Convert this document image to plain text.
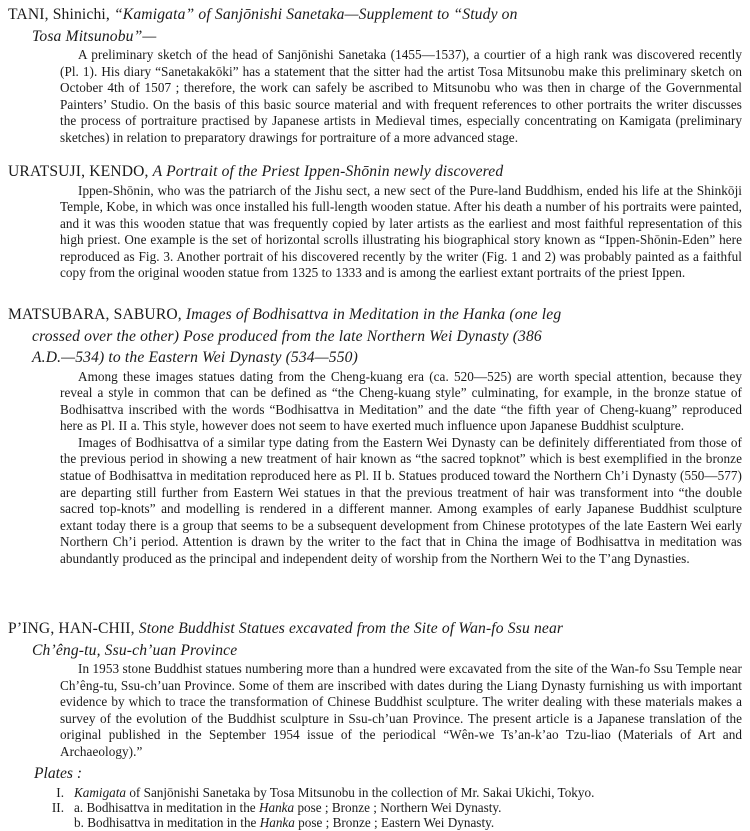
TANI, Shinichi, “Kamigata” of Sanjōnishi Sanetaka—Supplement to “Study on
Tosa Mitsunobu”—

A preliminary sketch of the head of Sanjōnishi Sanetaka (1455—1537), a courtier of a high rank was discovered recently (Pl. 1). His diary “Sanetakakōki” has a statement that the sitter had the artist Tosa Mitsunobu make this preliminary sketch on October 4th of 1507 ; therefore, the work can safely be ascribed to Mitsunobu who was then in charge of the Governmental Painters’ Studio. On the basis of this basic source material and with frequent references to other portraits the writer discusses the process of portraiture practised by Japanese artists in Medieval times, especially concentrating on Kamigata (preliminary sketches) in relation to preparatory drawings for portraiture of a more advanced stage.

URATSUJI, KENDO, A Portrait of the Priest Ippen-Shōnin newly discovered

Ippen-Shōnin, who was the patriarch of the Jishu sect, a new sect of the Pure-land Buddhism, ended his life at the Shinkōji Temple, Kobe, in which was once installed his full-length wooden statue. After his death a number of his portraits were painted, and it was this wooden statue that was frequently copied by later artists as the earliest and most faithful representation of this high priest. One example is the set of horizontal scrolls illustrating his biographical story known as “Ippen-Shōnin-Eden” here reproduced as Fig. 3. Another portrait of his discovered recently by the writer (Fig. 1 and 2) was probably painted as a faithful copy from the original wooden statue from 1325 to 1333 and is among the earliest extant portraits of the priest Ippen.

MATSUBARA, SABURO, Images of Bodhisattva in Meditation in the Hanka (one leg
crossed over the other) Pose produced from the late Northern Wei Dynasty (386
A.D.—534) to the Eastern Wei Dynasty (534—550)

Among these images statues dating from the Cheng-kuang era (ca. 520—525) are worth special attention, because they reveal a style in common that can be defined as “the Cheng-kuang style” culminating, for example, in the bronze statue of Bodhisattva inscribed with the words “Bodhisattva in Meditation” and the date “the fifth year of Cheng-kuang” reproduced here as Pl. II a. This style, however does not seem to have exerted much influence upon Japanese Buddhist sculpture.

Images of Bodhisattva of a similar type dating from the Eastern Wei Dynasty can be definitely differentiated from those of the previous period in showing a new treatment of hair known as “the sacred topknot” which is best exemplified in the bronze statue of Bodhisattva in meditation reproduced here as Pl. II b. Statues produced toward the Northern Ch’i Dynasty (550—577) are departing still further from Eastern Wei statues in that the previous treatment of hair was transforment into “the double sacred top-knots” and modelling is rendered in a different manner. Among examples of early Japanese Buddhist sculpture extant today there is a group that seems to be a subsequent development from Chinese prototypes of the late Eastern Wei early Northern Ch’i period. Attention is drawn by the writer to the fact that in China the image of Bodhisattva in meditation was abundantly produced as the principal and independent deity of worship from the Northern Wei to the T’ang Dynasties.

P’ING, HAN-CHII, Stone Buddhist Statues excavated from the Site of Wan-fo Ssu near
Ch’êng-tu, Ssu-ch’uan Province

In 1953 stone Buddhist statues numbering more than a hundred were excavated from the site of the Wan-fo Ssu Temple near Ch’êng-tu, Ssu-ch’uan Province. Some of them are inscribed with dates during the Liang Dynasty furnishing us with important evidence by which to trace the transformation of Chinese Buddhist sculpture. The writer dealing with these materials makes a survey of the evolution of the Buddhist sculpture in Ssu-ch’uan Province. The present article is a Japanese translation of the original published in the September 1954 issue of the periodical “Wên-we Ts’an-k’ao Tzu-liao (Materials of Art and Archaeology).”

Plates :

I. Kamigata of Sanjōnishi Sanetaka by Tosa Mitsunobu in the collection of Mr. Sakai Ukichi, Tokyo.
II. a. Bodhisattva in meditation in the Hanka pose ; Bronze ; Northern Wei Dynasty.
b. Bodhisattva in meditation in the Hanka pose ; Bronze ; Eastern Wei Dynasty.
